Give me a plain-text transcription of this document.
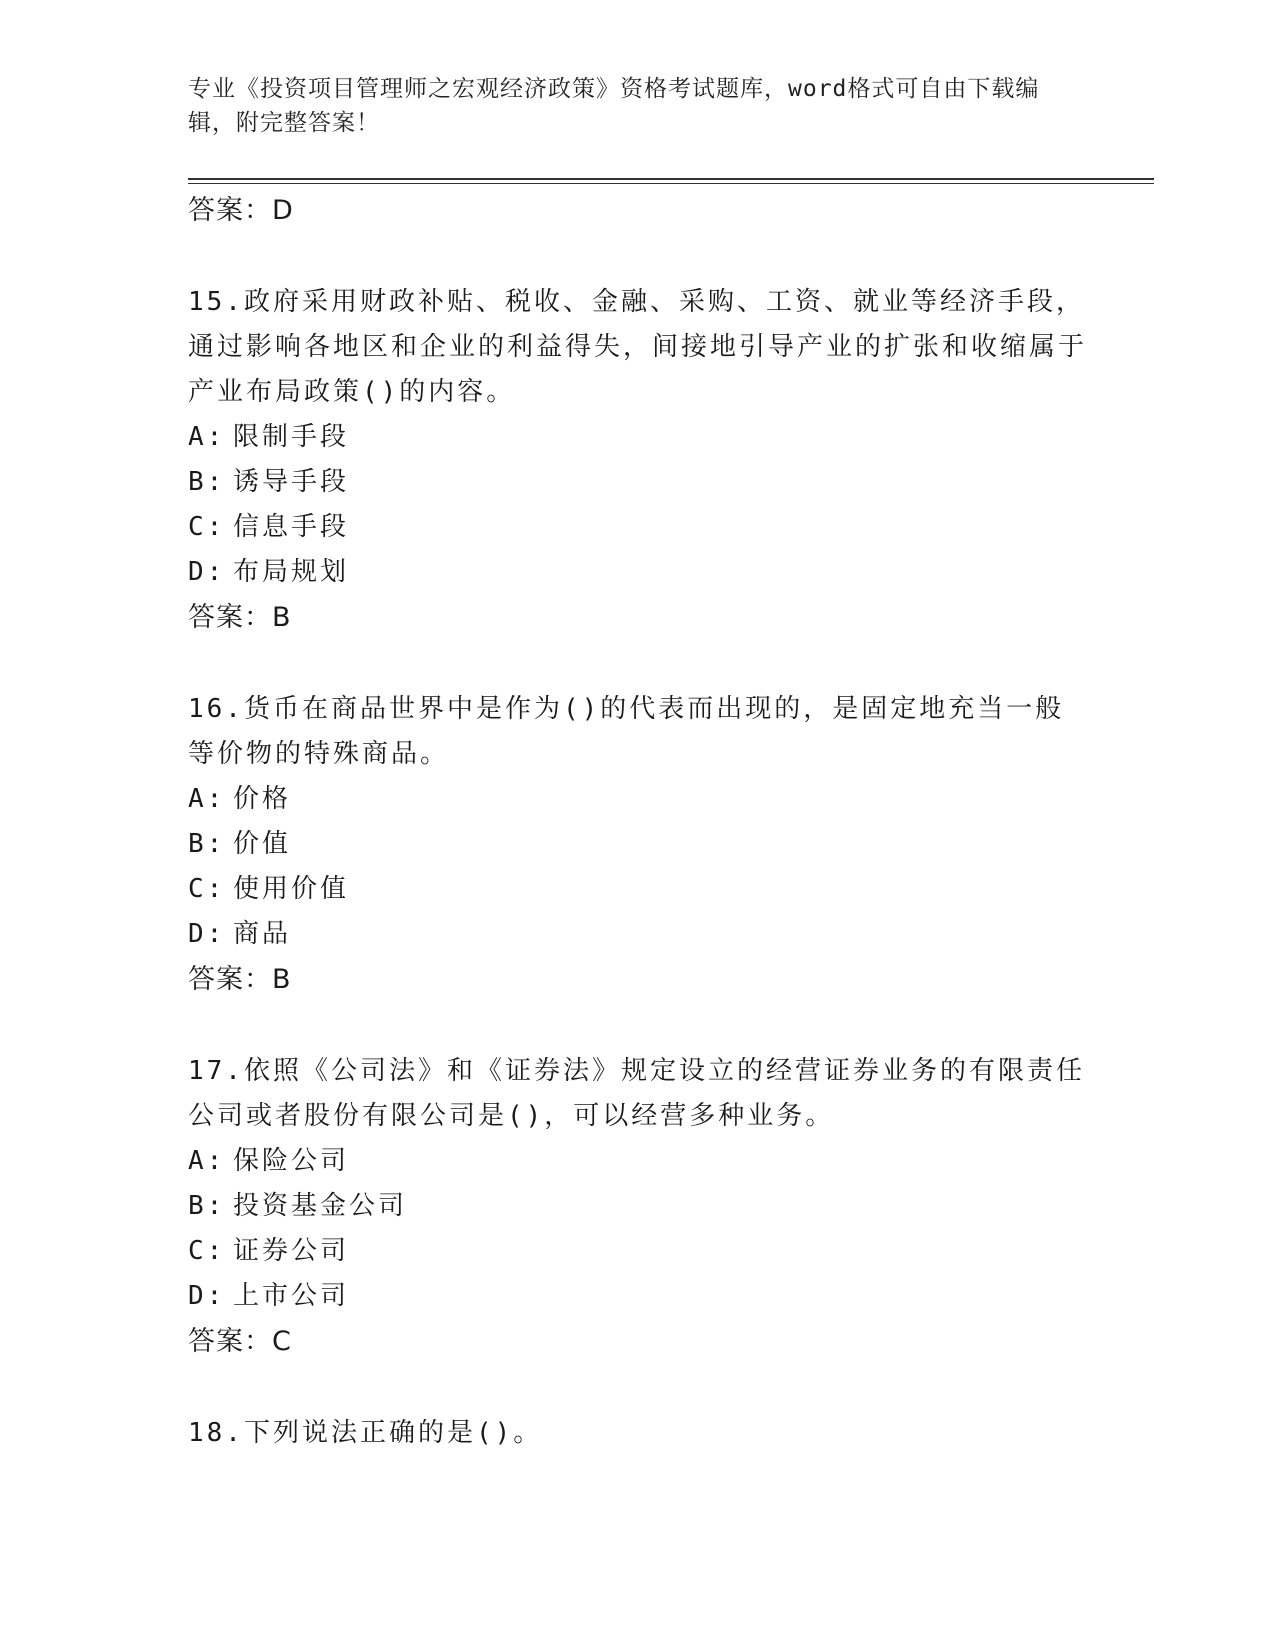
专业《投资项目管理师之宏观经济政策》资格考试题库，word格式可自由下载编辑，附完整答案！
答案：D
15.政府采用财政补贴、税收、金融、采购、工资、就业等经济手段，通过影响各地区和企业的利益得失，间接地引导产业的扩张和收缩属于产业布局政策()的内容。
A: 限制手段
B: 诱导手段
C: 信息手段
D: 布局规划
答案：B
16.货币在商品世界中是作为()的代表而出现的，是固定地充当一般等价物的特殊商品。
A: 价格
B: 价值
C: 使用价值
D: 商品
答案：B
17.依照《公司法》和《证券法》规定设立的经营证券业务的有限责任公司或者股份有限公司是()，可以经营多种业务。
A: 保险公司
B: 投资基金公司
C: 证券公司
D: 上市公司
答案：C
18.下列说法正确的是()。
